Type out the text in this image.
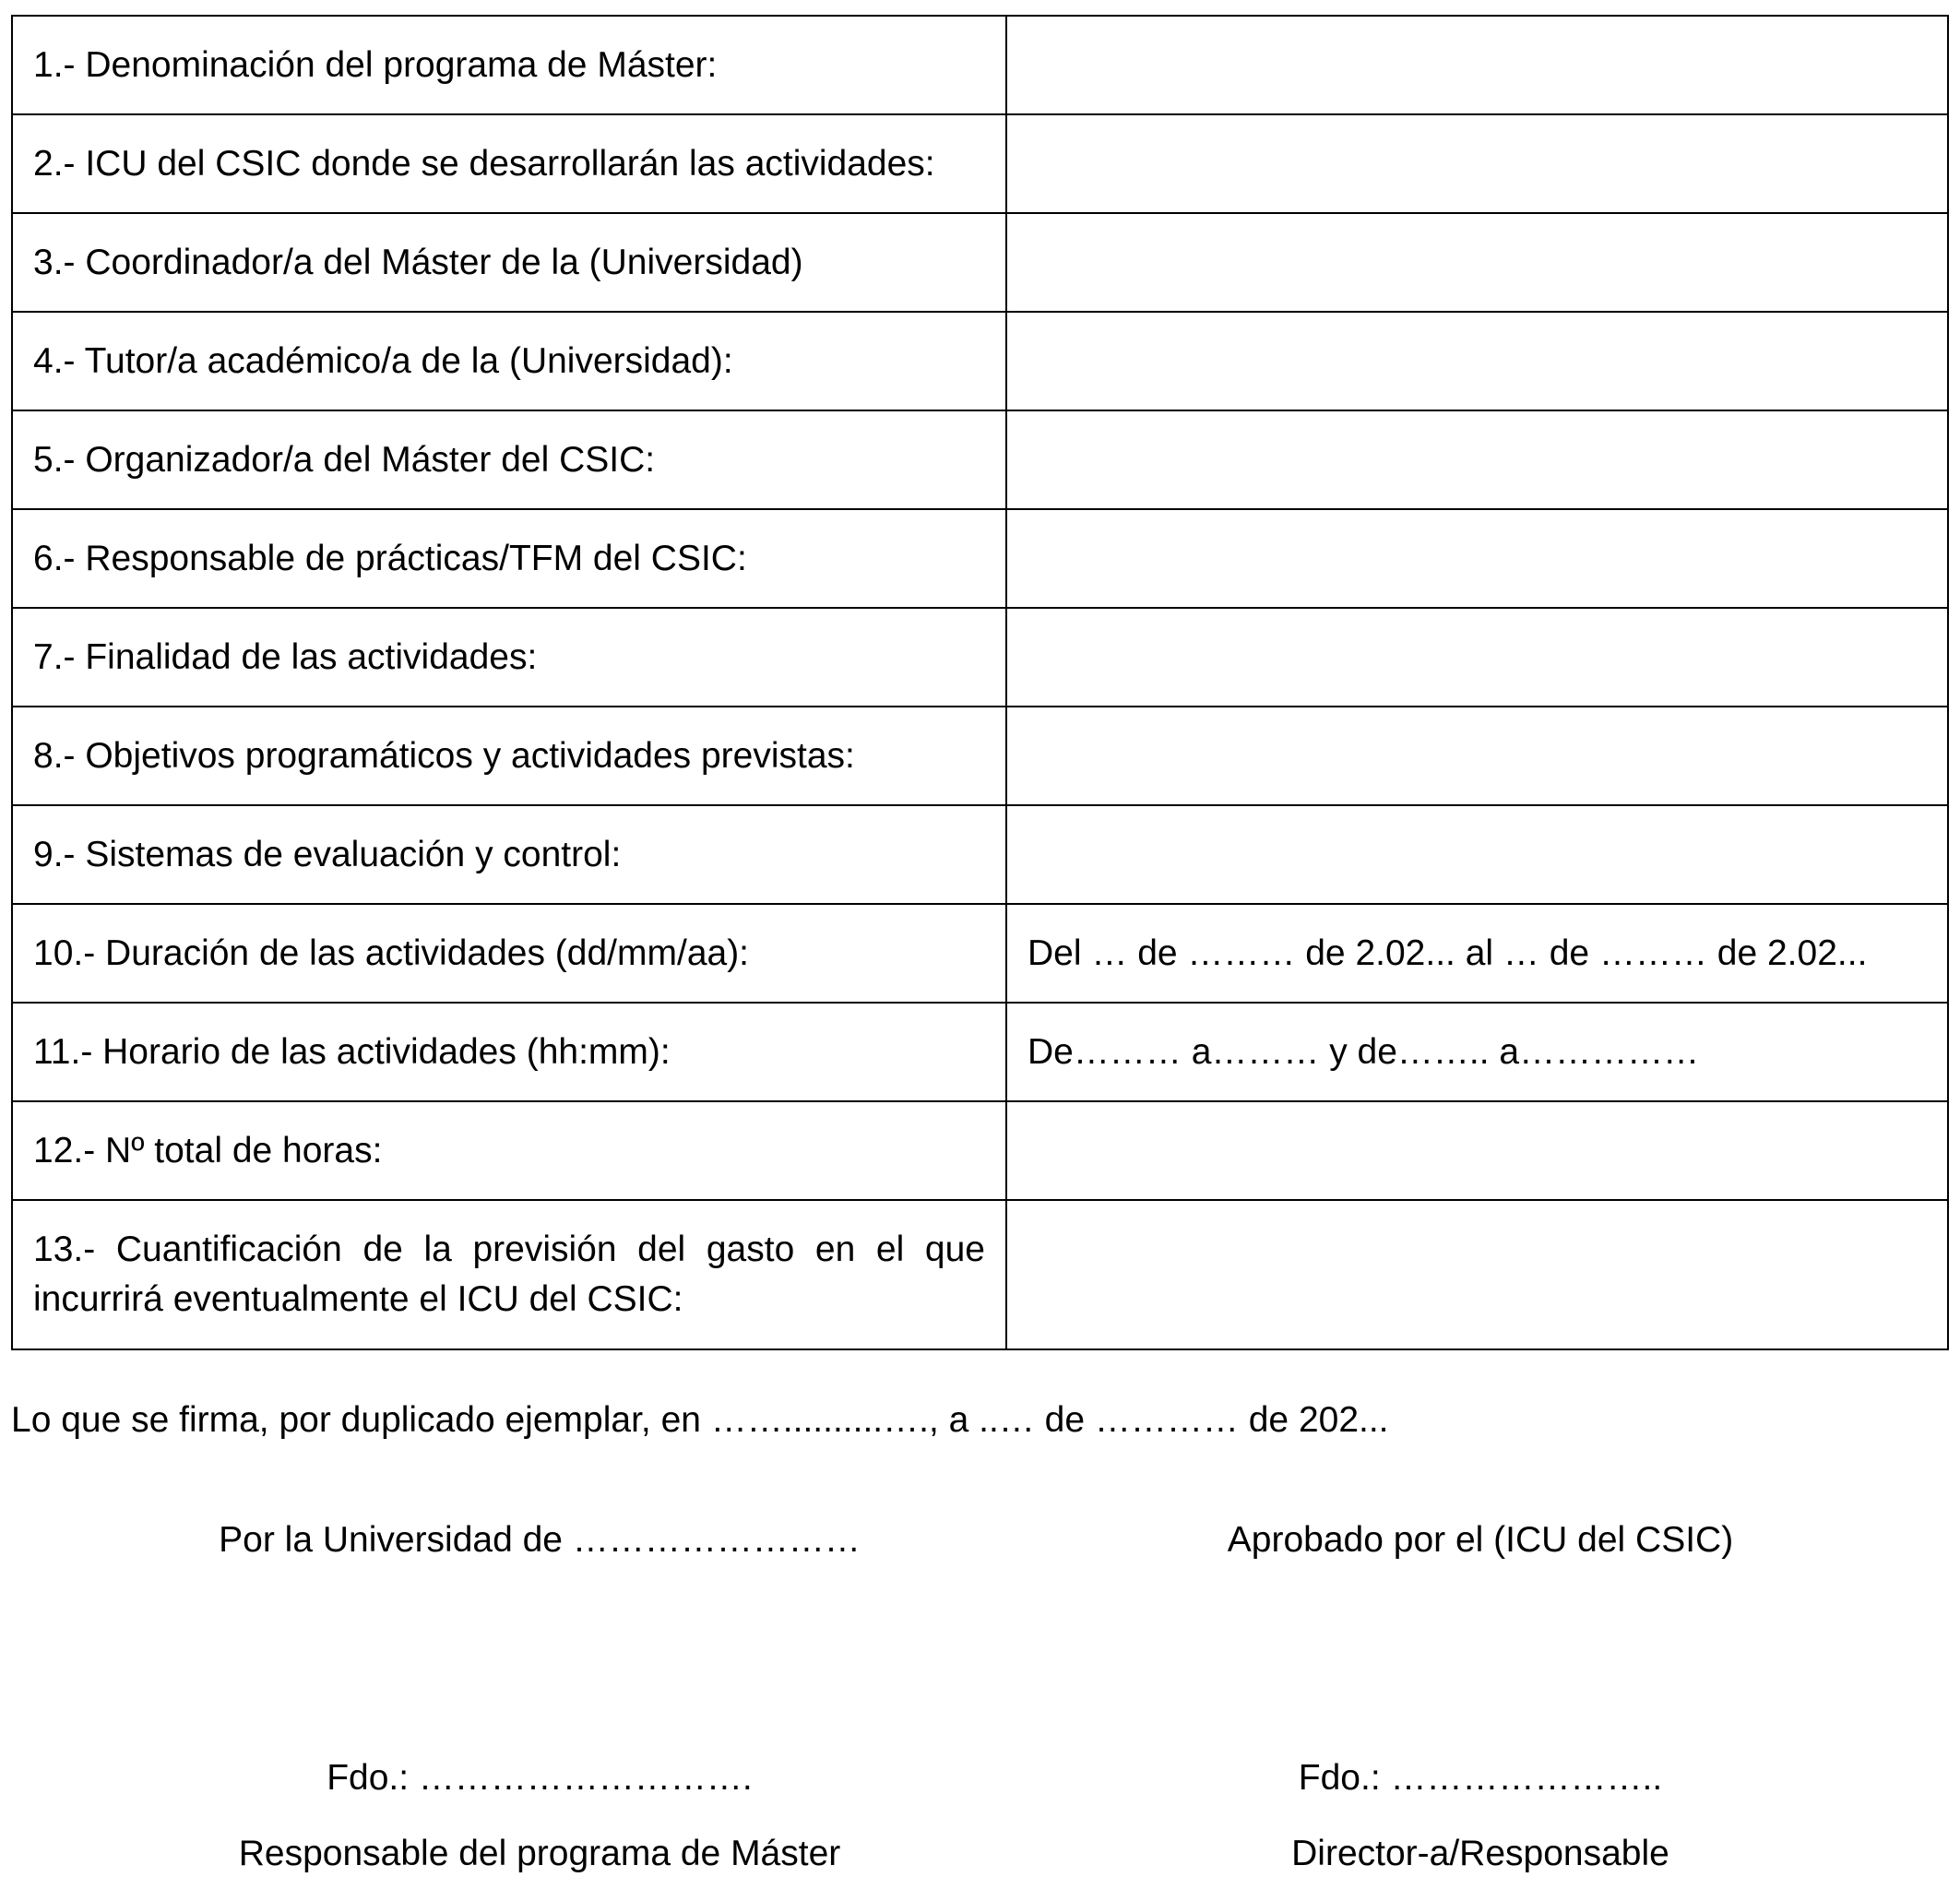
1.- Denominación del programa de Máster:	
2.- ICU del CSIC donde se desarrollarán las actividades:	
3.- Coordinador/a del Máster de la (Universidad)	
4.- Tutor/a académico/a de la (Universidad):	
5.- Organizador/a del Máster del CSIC:	
6.- Responsable de prácticas/TFM del CSIC:	
7.- Finalidad de las actividades:	
8.- Objetivos programáticos y actividades previstas:	
9.- Sistemas de evaluación y control:	
10.- Duración de las actividades (dd/mm/aa):	Del … de ……… de 2.02... al … de ……… de 2.02...
11.- Horario de las actividades (hh:mm):	De……… a……… y de…….. a……………
12.- Nº total de horas:	
13.- Cuantificación de la previsión del gasto en el que incurrirá eventualmente el ICU del CSIC:	
Lo que se firma, por duplicado ejemplar, en ……..........…., a ..… de ………… de 202...
Por la Universidad de ……………………	Aprobado por el (ICU del CSIC)
Fdo.: ……………………….	Fdo.: …………………..
Responsable del programa de Máster	Director-a/Responsable
